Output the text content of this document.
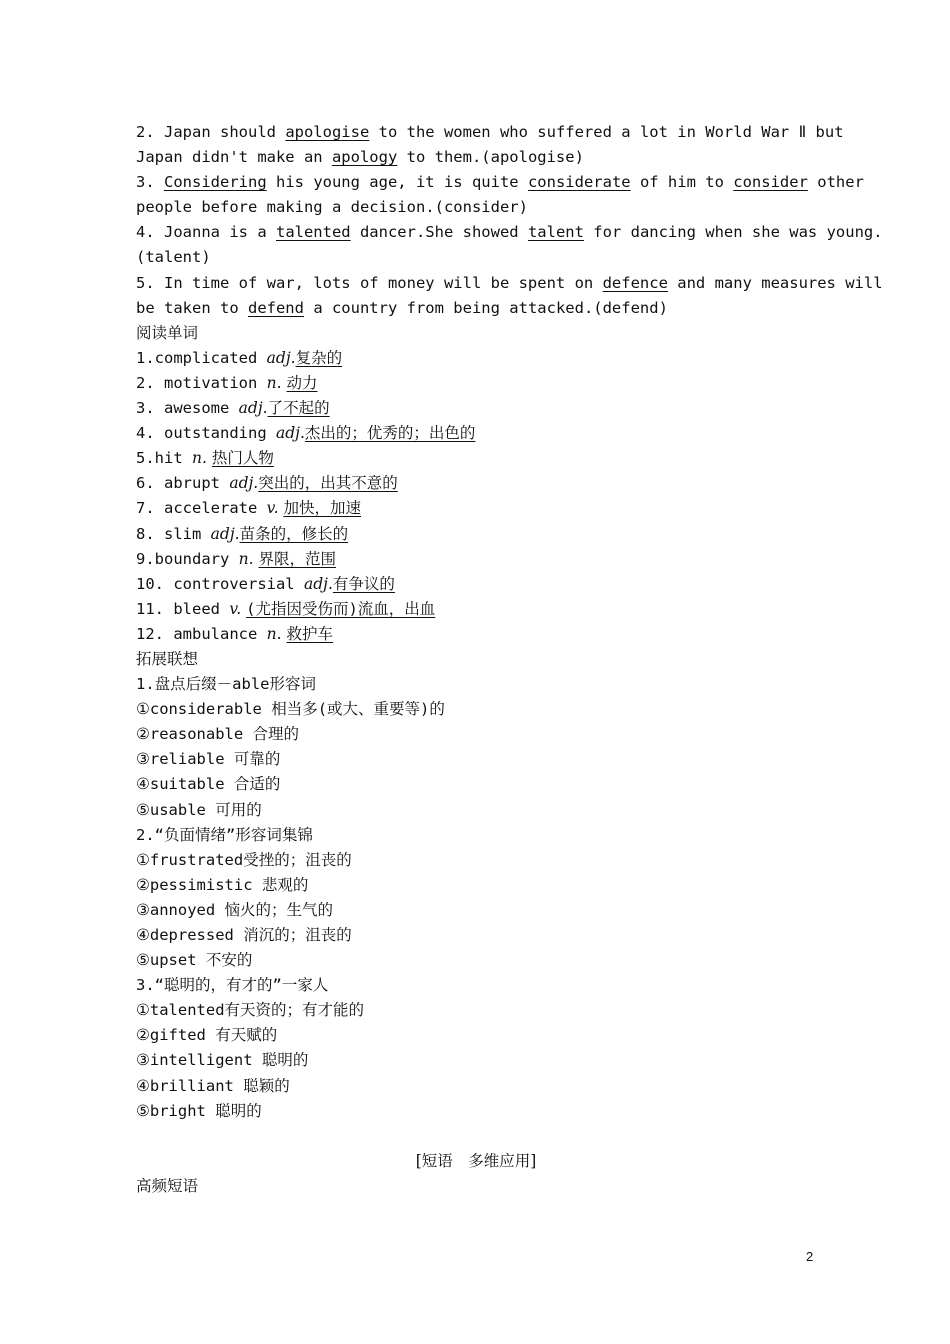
2. Japan should apologise to the women who suffered a lot in World War Ⅱ but
Japan didn't make an apology to them.(apologise)
3. Considering his young age, it is quite considerate of him to consider other
people before making a decision.(consider)
4. Joanna is a talented dancer.She showed talent for dancing when she was young.
(talent)
5. In time of war, lots of money will be spent on defence and many measures will
be taken to defend a country from being attacked.(defend)
阅读单词
1.complicated adj.复杂的
2. motivation n. 动力
3. awesome adj.了不起的
4. outstanding adj.杰出的；优秀的；出色的
5.hit n. 热门人物
6. abrupt adj.突出的，出其不意的
7. accelerate v. 加快，加速
8. slim adj.苗条的，修长的
9.boundary n. 界限，范围
10. controversial adj.有争议的
11. bleed v. (尤指因受伤而)流血，出血
12. ambulance n. 救护车
拓展联想
1.盘点后缀－able形容词
①considerable 相当多(或大、重要等)的
②reasonable 合理的
③reliable 可靠的
④suitable 合适的
⑤usable 可用的
2.“负面情绪”形容词集锦
①frustrated受挫的；沮丧的
②pessimistic 悲观的
③annoyed 恼火的；生气的
④depressed 消沉的；沮丧的
⑤upset 不安的
3.“聪明的，有才的”一家人
①talented有天资的；有才能的
②gifted 有天赋的
③intelligent 聪明的
④brilliant 聪颖的
⑤bright 聪明的
[短语　多维应用]
高频短语
2
